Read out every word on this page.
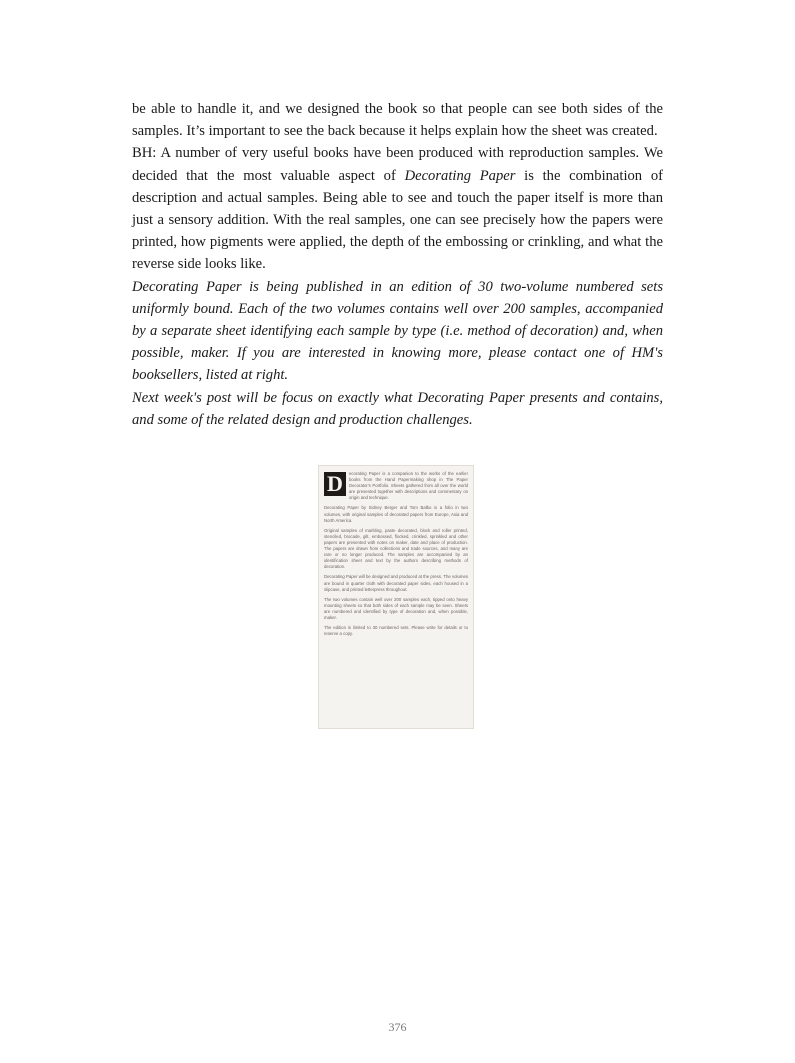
be able to handle it, and we designed the book so that people can see both sides of the samples. It’s important to see the back because it helps explain how the sheet was created.

BH: A number of very useful books have been produced with reproduction samples. We decided that the most valuable aspect of Decorating Paper is the combination of description and actual samples. Being able to see and touch the paper itself is more than just a sensory addition. With the real samples, one can see precisely how the papers were printed, how pigments were applied, the depth of the embossing or crinkling, and what the reverse side looks like.

Decorating Paper is being published in an edition of 30 two-volume numbered sets uniformly bound. Each of the two volumes contains well over 200 samples, accompanied by a separate sheet identifying each sample by type (i.e. method of decoration) and, when possible, maker. If you are interested in knowing more, please contact one of HM's booksellers, listed at right.

Next week's post will be focus on exactly what Decorating Paper presents and contains, and some of the related design and production challenges.

D	ecorating Paper is a companion to the works of the earlier books from the Hand Papermaking shop in The Paper Decorator's Portfolio. Sheets gathered from all over the world are presented together with descriptions and commentary on origin and technique.

Decorating Paper by Sidney Berger and Tom Balbo is a folio in two volumes, with original samples of decorated papers from Europe, Asia and North America.

Original samples of marbling, paste decorated, block and roller printed, stenciled, brocade, gilt, embossed, flocked, crinkled, sprinkled and other papers are presented with notes on maker, date and place of production. The papers are drawn from collections and trade sources, and many are rare or no longer produced. The samples are accompanied by an identification sheet and text by the authors describing methods of decoration.

Decorating Paper will be designed and produced at the press. The volumes are bound in quarter cloth with decorated paper sides, each housed in a slipcase, and printed letterpress throughout.

The two volumes contain well over 200 samples each, tipped onto heavy mounting sheets so that both sides of each sample may be seen. Sheets are numbered and identified by type of decoration and, when possible, maker.

The edition is limited to 30 numbered sets. Please write for details or to reserve a copy.

376
